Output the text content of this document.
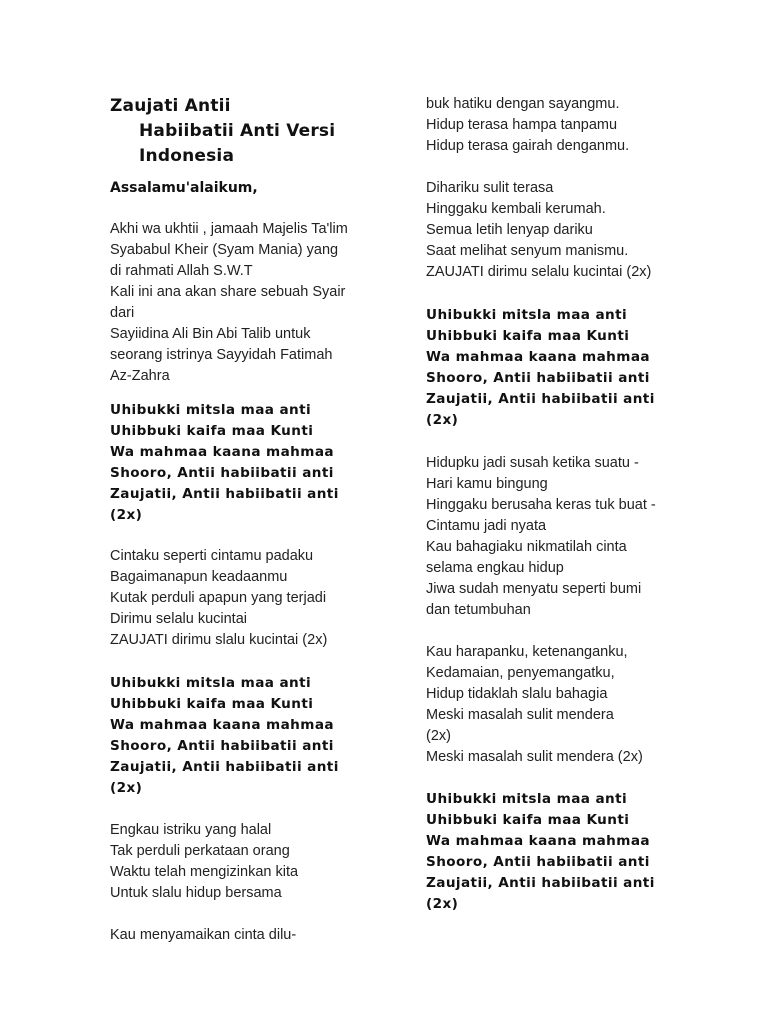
Zaujati Antii
Habiibatii Anti Versi
Indonesia
Assalamu'alaikum,
Akhi wa ukhtii , jamaah Majelis Ta'lim
Syababul Kheir (Syam Mania) yang
di rahmati Allah S.W.T
Kali ini ana akan share sebuah Syair
dari
Sayiidina Ali Bin Abi Talib untuk
seorang istrinya Sayyidah Fatimah
Az-Zahra
Uhibukki mitsla maa anti
Uhibbuki kaifa maa Kunti
Wa mahmaa kaana mahmaa
Shooro, Antii habiibatii anti
Zaujatii, Antii habiibatii anti
(2x)
Cintaku seperti cintamu padaku
Bagaimanapun keadaanmu
Kutak perduli apapun yang terjadi
Dirimu selalu kucintai
ZAUJATI dirimu slalu kucintai (2x)
Uhibukki mitsla maa anti
Uhibbuki kaifa maa Kunti
Wa mahmaa kaana mahmaa
Shooro, Antii habiibatii anti
Zaujatii, Antii habiibatii anti
(2x)
Engkau istriku yang halal
Tak perduli perkataan orang
Waktu telah mengizinkan kita
Untuk slalu hidup bersama
Kau menyamaikan cinta dilu-
buk hatiku dengan sayangmu.
Hidup terasa hampa tanpamu
Hidup terasa gairah denganmu.
Dihariku sulit terasa
Hinggaku kembali kerumah.
Semua letih lenyap dariku
Saat melihat senyum manismu.
ZAUJATI dirimu selalu kucintai (2x)
Uhibukki mitsla maa anti
Uhibbuki kaifa maa Kunti
Wa mahmaa kaana mahmaa
Shooro, Antii habiibatii anti
Zaujatii, Antii habiibatii anti
(2x)
Hidupku jadi susah ketika suatu -
Hari kamu bingung
Hinggaku berusaha keras tuk buat -
Cintamu jadi nyata
Kau bahagiaku nikmatilah cinta
selama engkau hidup
Jiwa sudah menyatu seperti bumi
dan tetumbuhan
Kau harapanku, ketenanganku,
Kedamaian, penyemangatku,
Hidup tidaklah slalu bahagia
Meski masalah sulit mendera
(2x)
Meski masalah sulit mendera (2x)
Uhibukki mitsla maa anti
Uhibbuki kaifa maa Kunti
Wa mahmaa kaana mahmaa
Shooro, Antii habiibatii anti
Zaujatii, Antii habiibatii anti
(2x)
